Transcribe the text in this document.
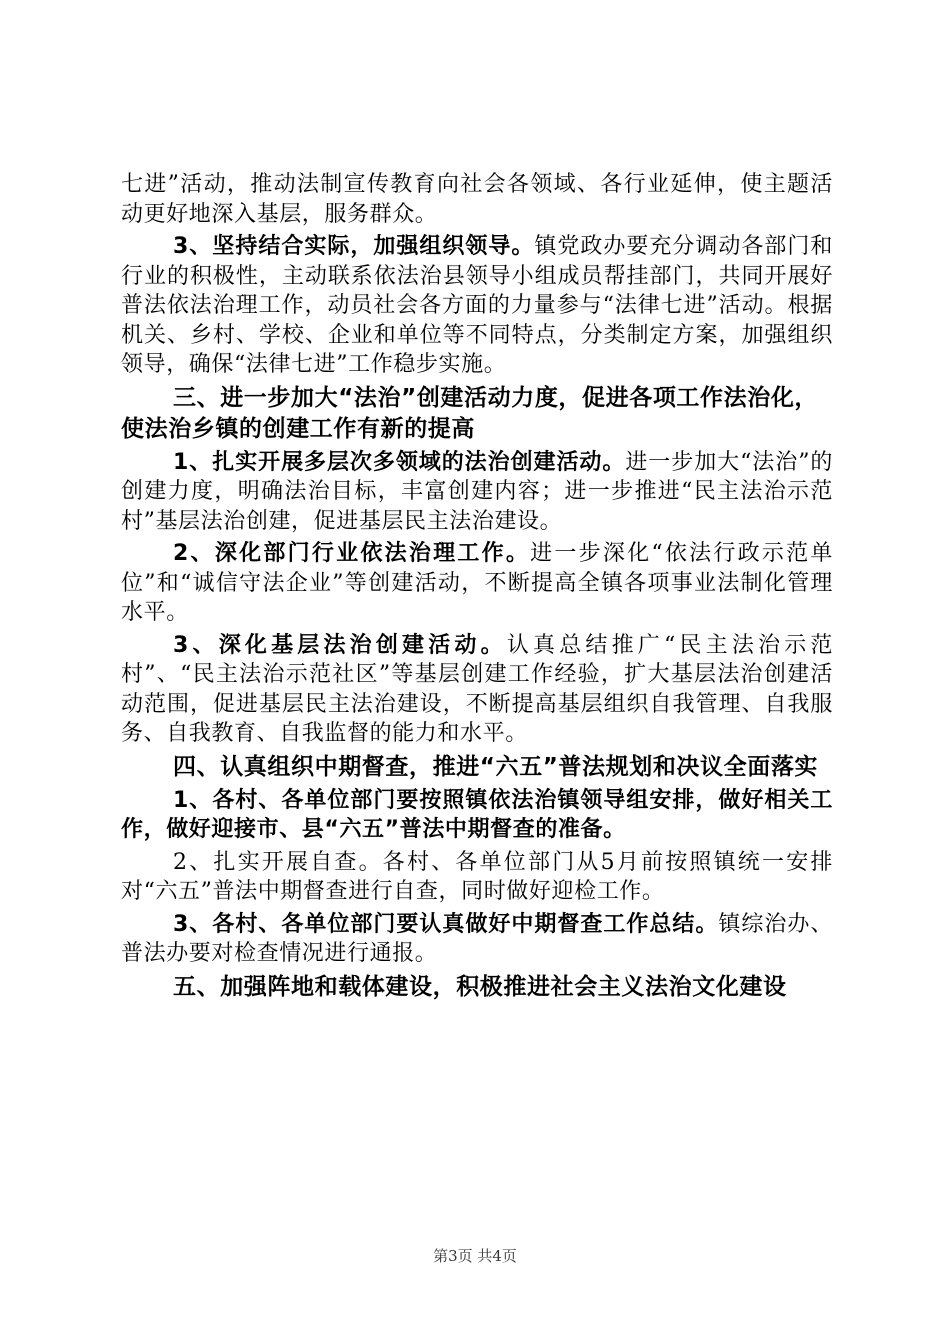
七进”活动，推动法制宣传教育向社会各领域、各行业延伸，使主题活动更好地深入基层，服务群众。

3、坚持结合实际，加强组织领导。镇党政办要充分调动各部门和行业的积极性，主动联系依法治县领导小组成员帮挂部门，共同开展好普法依法治理工作，动员社会各方面的力量参与“法律七进”活动。根据机关、乡村、学校、企业和单位等不同特点，分类制定方案，加强组织领导，确保“法律七进”工作稳步实施。

三、进一步加大“法治”创建活动力度，促进各项工作法治化，使法治乡镇的创建工作有新的提高

1、扎实开展多层次多领域的法治创建活动。进一步加大“法治”的创建力度，明确法治目标，丰富创建内容；进一步推进“民主法治示范村”基层法治创建，促进基层民主法治建设。

2、深化部门行业依法治理工作。进一步深化“依法行政示范单位”和“诚信守法企业”等创建活动，不断提高全镇各项事业法制化管理水平。

3、深化基层法治创建活动。认真总结推广“民主法治示范村”、“民主法治示范社区”等基层创建工作经验，扩大基层法治创建活动范围，促进基层民主法治建设，不断提高基层组织自我管理、自我服务、自我教育、自我监督的能力和水平。

四、认真组织中期督查，推进“六五”普法规划和决议全面落实

1、各村、各单位部门要按照镇依法治镇领导组安排，做好相关工作，做好迎接市、县“六五”普法中期督查的准备。

2、扎实开展自查。各村、各单位部门从5月前按照镇统一安排对“六五”普法中期督查进行自查，同时做好迎检工作。

3、各村、各单位部门要认真做好中期督查工作总结。镇综治办、普法办要对检查情况进行通报。

五、加强阵地和载体建设，积极推进社会主义法治文化建设

第3页 共4页
